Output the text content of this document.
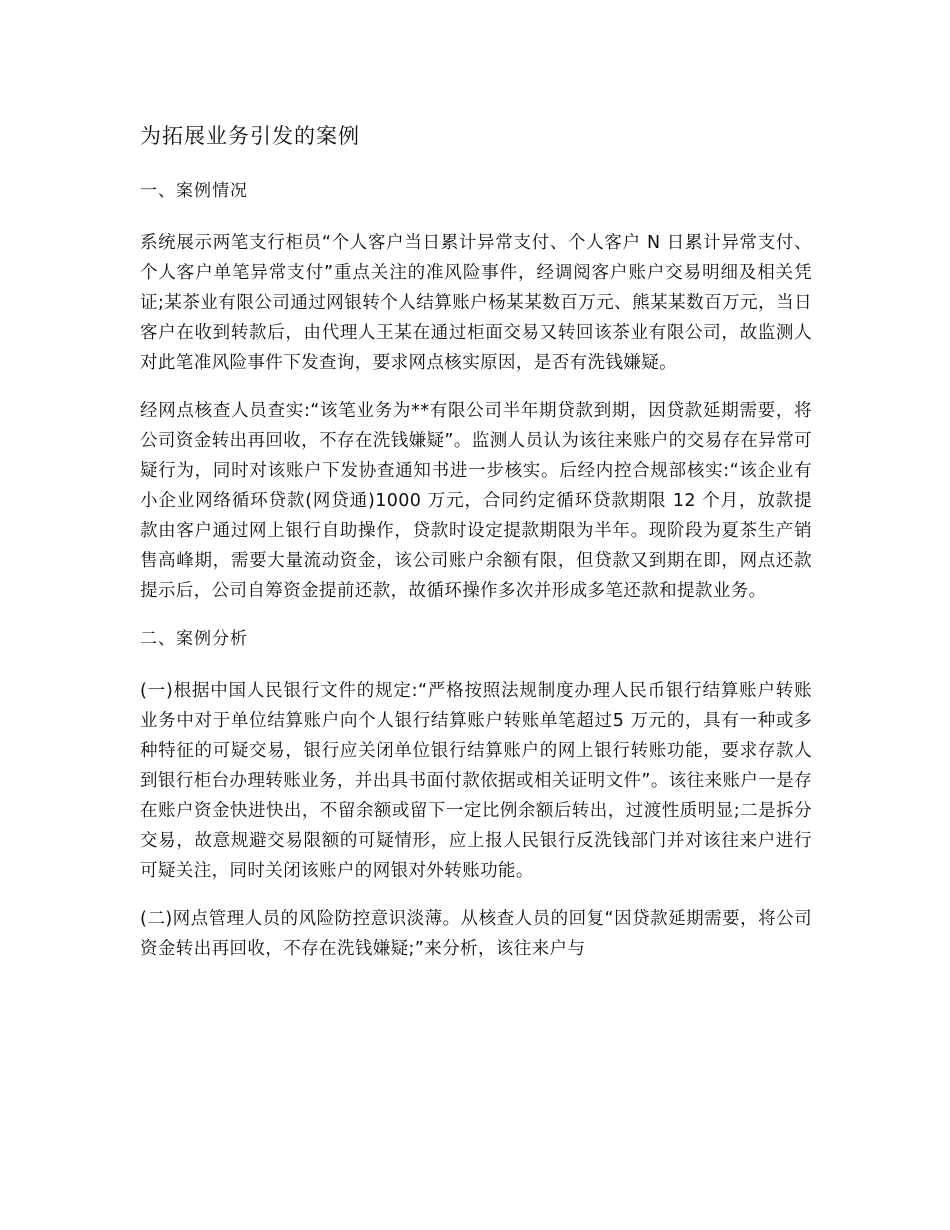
为拓展业务引发的案例
一、案例情况

系统展示两笔支行柜员“个人客户当日累计异常支付、个人客户 N 日累计异常支付、个人客户单笔异常支付”重点关注的准风险事件，经调阅客户账户交易明细及相关凭证;某茶业有限公司通过网银转个人结算账户杨某某数百万元、熊某某数百万元，当日客户在收到转款后，由代理人王某在通过柜面交易又转回该茶业有限公司，故监测人对此笔准风险事件下发查询，要求网点核实原因，是否有洗钱嫌疑。

经网点核查人员查实:“该笔业务为**有限公司半年期贷款到期，因贷款延期需要，将公司资金转出再回收，不存在洗钱嫌疑”。监测人员认为该往来账户的交易存在异常可疑行为，同时对该账户下发协查通知书进一步核实。后经内控合规部核实:“该企业有小企业网络循环贷款(网贷通)1000 万元，合同约定循环贷款期限 12 个月，放款提款由客户通过网上银行自助操作，贷款时设定提款期限为半年。现阶段为夏茶生产销售高峰期，需要大量流动资金，该公司账户余额有限，但贷款又到期在即，网点还款提示后，公司自筹资金提前还款，故循环操作多次并形成多笔还款和提款业务。

二、案例分析

(一)根据中国人民银行文件的规定:“严格按照法规制度办理人民币银行结算账户转账业务中对于单位结算账户向个人银行结算账户转账单笔超过5 万元的，具有一种或多种特征的可疑交易，银行应关闭单位银行结算账户的网上银行转账功能，要求存款人到银行柜台办理转账业务，并出具书面付款依据或相关证明文件”。该往来账户一是存在账户资金快进快出，不留余额或留下一定比例余额后转出，过渡性质明显;二是拆分交易，故意规避交易限额的可疑情形，应上报人民银行反洗钱部门并对该往来户进行可疑关注，同时关闭该账户的网银对外转账功能。

(二)网点管理人员的风险防控意识淡薄。从核查人员的回复“因贷款延期需要，将公司资金转出再回收，不存在洗钱嫌疑;”来分析，该往来户与
